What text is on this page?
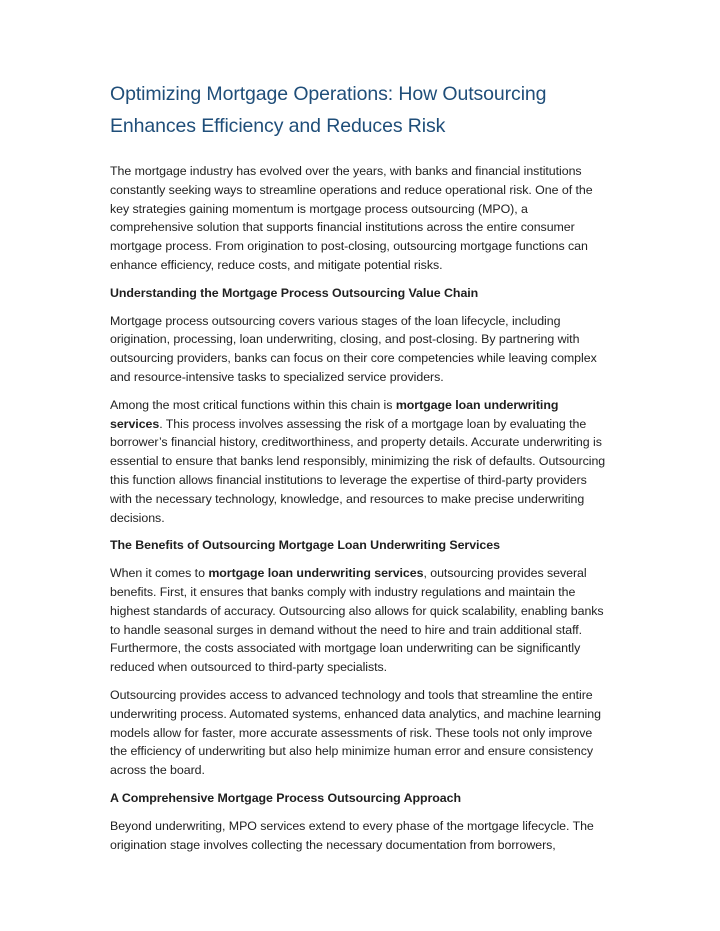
Optimizing Mortgage Operations: How Outsourcing Enhances Efficiency and Reduces Risk

The mortgage industry has evolved over the years, with banks and financial institutions constantly seeking ways to streamline operations and reduce operational risk. One of the key strategies gaining momentum is mortgage process outsourcing (MPO), a comprehensive solution that supports financial institutions across the entire consumer mortgage process. From origination to post-closing, outsourcing mortgage functions can enhance efficiency, reduce costs, and mitigate potential risks.

Understanding the Mortgage Process Outsourcing Value Chain

Mortgage process outsourcing covers various stages of the loan lifecycle, including origination, processing, loan underwriting, closing, and post-closing. By partnering with outsourcing providers, banks can focus on their core competencies while leaving complex and resource-intensive tasks to specialized service providers.

Among the most critical functions within this chain is mortgage loan underwriting services. This process involves assessing the risk of a mortgage loan by evaluating the borrower’s financial history, creditworthiness, and property details. Accurate underwriting is essential to ensure that banks lend responsibly, minimizing the risk of defaults. Outsourcing this function allows financial institutions to leverage the expertise of third-party providers with the necessary technology, knowledge, and resources to make precise underwriting decisions.

The Benefits of Outsourcing Mortgage Loan Underwriting Services

When it comes to mortgage loan underwriting services, outsourcing provides several benefits. First, it ensures that banks comply with industry regulations and maintain the highest standards of accuracy. Outsourcing also allows for quick scalability, enabling banks to handle seasonal surges in demand without the need to hire and train additional staff. Furthermore, the costs associated with mortgage loan underwriting can be significantly reduced when outsourced to third-party specialists.

Outsourcing provides access to advanced technology and tools that streamline the entire underwriting process. Automated systems, enhanced data analytics, and machine learning models allow for faster, more accurate assessments of risk. These tools not only improve the efficiency of underwriting but also help minimize human error and ensure consistency across the board.

A Comprehensive Mortgage Process Outsourcing Approach

Beyond underwriting, MPO services extend to every phase of the mortgage lifecycle. The origination stage involves collecting the necessary documentation from borrowers,
